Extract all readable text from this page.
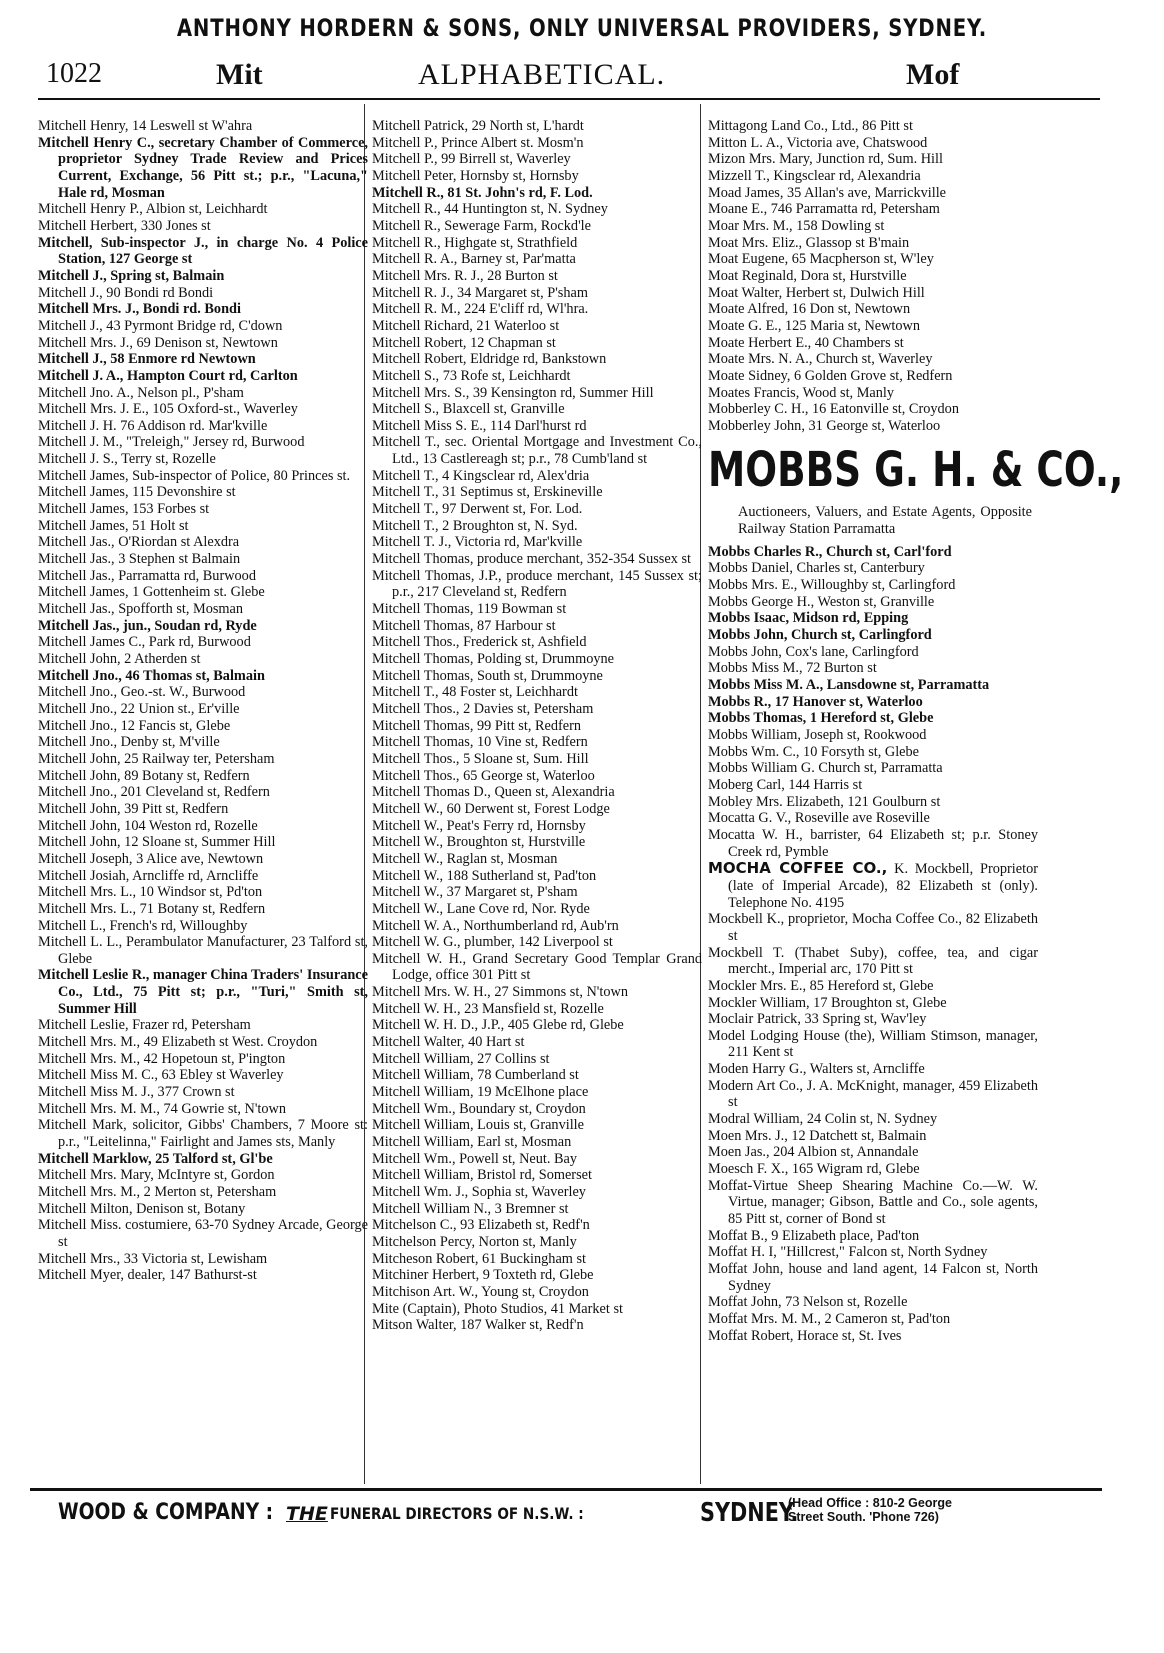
ANTHONY HORDERN & SONS, ONLY UNIVERSAL PROVIDERS, SYDNEY.
1022	Mit	ALPHABETICAL.	Mof
Mitchell Henry, 14 Leswell st W'ahra
Mitchell Henry C., secretary Chamber of Commerce, proprietor Sydney Trade Review and Prices Current, Exchange, 56 Pitt st.; p.r., "Lacuna," Hale rd, Mosman
Mitchell Henry P., Albion st, Leichhardt
Mitchell Herbert, 330 Jones st
Mitchell, Sub-inspector J., in charge No. 4 Police Station, 127 George st
Mitchell J., Spring st, Balmain
Mitchell J., 90 Bondi rd Bondi
Mitchell Mrs. J., Bondi rd. Bondi
Mitchell J., 43 Pyrmont Bridge rd, C'down
Mitchell Mrs. J., 69 Denison st, Newtown
Mitchell J., 58 Enmore rd Newtown
Mitchell J. A., Hampton Court rd, Carlton
Mitchell Jno. A., Nelson pl., P'sham
Mitchell Mrs. J. E., 105 Oxford-st., Waverley
Mitchell J. H. 76 Addison rd. Mar'kville
Mitchell J. M., "Treleigh," Jersey rd, Burwood
Mitchell J. S., Terry st, Rozelle
Mitchell James, Sub-inspector of Police, 80 Princes st.
Mitchell James, 115 Devonshire st
Mitchell James, 153 Forbes st
Mitchell James, 51 Holt st
Mitchell Jas., O'Riordan st Alexdra
Mitchell Jas., 3 Stephen st Balmain
Mitchell Jas., Parramatta rd, Burwood
Mitchell James, 1 Gottenheim st. Glebe
Mitchell Jas., Spofforth st, Mosman
Mitchell Jas., jun., Soudan rd, Ryde
Mitchell James C., Park rd, Burwood
Mitchell John, 2 Atherden st
Mitchell Jno., 46 Thomas st, Balmain
Mitchell Jno., Geo.-st. W., Burwood
Mitchell Jno., 22 Union st., Er'ville
Mitchell Jno., 12 Fancis st, Glebe
Mitchell Jno., Denby st, M'ville
Mitchell John, 25 Railway ter, Petersham
Mitchell John, 89 Botany st, Redfern
Mitchell Jno., 201 Cleveland st, Redfern
Mitchell John, 39 Pitt st, Redfern
Mitchell John, 104 Weston rd, Rozelle
Mitchell John, 12 Sloane st, Summer Hill
Mitchell Joseph, 3 Alice ave, Newtown
Mitchell Josiah, Arncliffe rd, Arncliffe
Mitchell Mrs. L., 10 Windsor st, Pd'ton
Mitchell Mrs. L., 71 Botany st, Redfern
Mitchell L., French's rd, Willoughby
Mitchell L. L., Perambulator Manufacturer, 23 Talford st, Glebe
Mitchell Leslie R., manager China Traders' Insurance Co., Ltd., 75 Pitt st; p.r., "Turi," Smith st, Summer Hill
Mitchell Leslie, Frazer rd, Petersham
Mitchell Mrs. M., 49 Elizabeth st West. Croydon
Mitchell Mrs. M., 42 Hopetoun st, P'ington
Mitchell Miss M. C., 63 Ebley st Waverley
Mitchell Miss M. J., 377 Crown st
Mitchell Mrs. M. M., 74 Gowrie st, N'town
Mitchell Mark, solicitor, Gibbs' Chambers, 7 Moore st: p.r., "Leitelinna," Fairlight and James sts, Manly
Mitchell Marklow, 25 Talford st, Gl'be
Mitchell Mrs. Mary, McIntyre st, Gordon
Mitchell Mrs. M., 2 Merton st, Petersham
Mitchell Milton, Denison st, Botany
Mitchell Miss. costumiere, 63-70 Sydney Arcade, George st
Mitchell Mrs., 33 Victoria st, Lewisham
Mitchell Myer, dealer, 147 Bathurst-st
Mitchell Patrick, 29 North st, L'hardt
Mitchell P., Prince Albert st. Mosm'n
Mitchell P., 99 Birrell st, Waverley
Mitchell Peter, Hornsby st, Hornsby
Mitchell R., 81 St. John's rd, F. Lod.
Mitchell R., 44 Huntington st, N. Sydney
Mitchell R., Sewerage Farm, Rockd'le
Mitchell R., Highgate st, Strathfield
Mitchell R. A., Barney st, Par'matta
Mitchell Mrs. R. J., 28 Burton st
Mitchell R. J., 34 Margaret st, P'sham
Mitchell R. M., 224 E'cliff rd, Wl'hra.
Mitchell Richard, 21 Waterloo st
Mitchell Robert, 12 Chapman st
Mitchell Robert, Eldridge rd, Bankstown
Mitchell S., 73 Rofe st, Leichhardt
Mitchell Mrs. S., 39 Kensington rd, Summer Hill
Mitchell S., Blaxcell st, Granville
Mitchell Miss S. E., 114 Darl'hurst rd
Mitchell T., sec. Oriental Mortgage and Investment Co., Ltd., 13 Castlereagh st; p.r., 78 Cumb'land st
Mitchell T., 4 Kingsclear rd, Alex'dria
Mitchell T., 31 Septimus st, Erskineville
Mitchell T., 97 Derwent st, For. Lod.
Mitchell T., 2 Broughton st, N. Syd.
Mitchell T. J., Victoria rd, Mar'kville
Mitchell Thomas, produce merchant, 352-354 Sussex st
Mitchell Thomas, J.P., produce merchant, 145 Sussex st; p.r., 217 Cleveland st, Redfern
Mitchell Thomas, 119 Bowman st
Mitchell Thomas, 87 Harbour st
Mitchell Thos., Frederick st, Ashfield
Mitchell Thomas, Polding st, Drummoyne
Mitchell Thomas, South st, Drummoyne
Mitchell T., 48 Foster st, Leichhardt
Mitchell Thos., 2 Davies st, Petersham
Mitchell Thomas, 99 Pitt st, Redfern
Mitchell Thomas, 10 Vine st, Redfern
Mitchell Thos., 5 Sloane st, Sum. Hill
Mitchell Thos., 65 George st, Waterloo
Mitchell Thomas D., Queen st, Alexandria
Mitchell W., 60 Derwent st, Forest Lodge
Mitchell W., Peat's Ferry rd, Hornsby
Mitchell W., Broughton st, Hurstville
Mitchell W., Raglan st, Mosman
Mitchell W., 188 Sutherland st, Pad'ton
Mitchell W., 37 Margaret st, P'sham
Mitchell W., Lane Cove rd, Nor. Ryde
Mitchell W. A., Northumberland rd, Aub'rn
Mitchell W. G., plumber, 142 Liverpool st
Mitchell W. H., Grand Secretary Good Templar Grand Lodge, office 301 Pitt st
Mitchell Mrs. W. H., 27 Simmons st, N'town
Mitchell W. H., 23 Mansfield st, Rozelle
Mitchell W. H. D., J.P., 405 Glebe rd, Glebe
Mitchell Walter, 40 Hart st
Mitchell William, 27 Collins st
Mitchell William, 78 Cumberland st
Mitchell William, 19 McElhone place
Mitchell Wm., Boundary st, Croydon
Mitchell William, Louis st, Granville
Mitchell William, Earl st, Mosman
Mitchell Wm., Powell st, Neut. Bay
Mitchell William, Bristol rd, Somerset
Mitchell Wm. J., Sophia st, Waverley
Mitchell William N., 3 Bremner st
Mitchelson C., 93 Elizabeth st, Redf'n
Mitchelson Percy, Norton st, Manly
Mitcheson Robert, 61 Buckingham st
Mitchiner Herbert, 9 Toxteth rd, Glebe
Mitchison Art. W., Young st, Croydon
Mite (Captain), Photo Studios, 41 Market st
Mitson Walter, 187 Walker st, Redf'n
Mittagong Land Co., Ltd., 86 Pitt st
Mitton L. A., Victoria ave, Chatswood
Mizon Mrs. Mary, Junction rd, Sum. Hill
Mizzell T., Kingsclear rd, Alexandria
Moad James, 35 Allan's ave, Marrickville
Moane E., 746 Parramatta rd, Petersham
Moar Mrs. M., 158 Dowling st
Moat Mrs. Eliz., Glassop st B'main
Moat Eugene, 65 Macpherson st, W'ley
Moat Reginald, Dora st, Hurstville
Moat Walter, Herbert st, Dulwich Hill
Moate Alfred, 16 Don st, Newtown
Moate G. E., 125 Maria st, Newtown
Moate Herbert E., 40 Chambers st
Moate Mrs. N. A., Church st, Waverley
Moate Sidney, 6 Golden Grove st, Redfern
Moates Francis, Wood st, Manly
Mobberley C. H., 16 Eatonville st, Croydon
Mobberley John, 31 George st, Waterloo
MOBBS G. H. & CO.,
Auctioneers, Valuers, and Estate Agents, Opposite Railway Station Parramatta
Mobbs Charles R., Church st, Carl'ford
Mobbs Daniel, Charles st, Canterbury
Mobbs Mrs. E., Willoughby st, Carlingford
Mobbs George H., Weston st, Granville
Mobbs Isaac, Midson rd, Epping
Mobbs John, Church st, Carlingford
Mobbs John, Cox's lane, Carlingford
Mobbs Miss M., 72 Burton st
Mobbs Miss M. A., Lansdowne st, Parramatta
Mobbs R., 17 Hanover st, Waterloo
Mobbs Thomas, 1 Hereford st, Glebe
Mobbs William, Joseph st, Rookwood
Mobbs Wm. C., 10 Forsyth st, Glebe
Mobbs William G. Church st, Parramatta
Moberg Carl, 144 Harris st
Mobley Mrs. Elizabeth, 121 Goulburn st
Mocatta G. V., Roseville ave Roseville
Mocatta W. H., barrister, 64 Elizabeth st; p.r. Stoney Creek rd, Pymble
MOCHA COFFEE CO., K. Mockbell, Proprietor (late of Imperial Arcade), 82 Elizabeth st (only). Telephone No. 4195
Mockbell K., proprietor, Mocha Coffee Co., 82 Elizabeth st
Mockbell T. (Thabet Suby), coffee, tea, and cigar mercht., Imperial arc, 170 Pitt st
Mockler Mrs. E., 85 Hereford st, Glebe
Mockler William, 17 Broughton st, Glebe
Moclair Patrick, 33 Spring st, Wav'ley
Model Lodging House (the), William Stimson, manager, 211 Kent st
Moden Harry G., Walters st, Arncliffe
Modern Art Co., J. A. McKnight, manager, 459 Elizabeth st
Modral William, 24 Colin st, N. Sydney
Moen Mrs. J., 12 Datchett st, Balmain
Moen Jas., 204 Albion st, Annandale
Moesch F. X., 165 Wigram rd, Glebe
Moffat-Virtue Sheep Shearing Machine Co.—W. W. Virtue, manager; Gibson, Battle and Co., sole agents, 85 Pitt st, corner of Bond st
Moffat B., 9 Elizabeth place, Pad'ton
Moffat H. I, "Hillcrest," Falcon st, North Sydney
Moffat John, house and land agent, 14 Falcon st, North Sydney
Moffat John, 73 Nelson st, Rozelle
Moffat Mrs. M. M., 2 Cameron st, Pad'ton
Moffat Robert, Horace st, St. Ives
WOOD & COMPANY : THE FUNERAL DIRECTORS OF N.S.W. :	SYDNEY.
(Head Office : 810-2 George
Street South. 'Phone 726)
